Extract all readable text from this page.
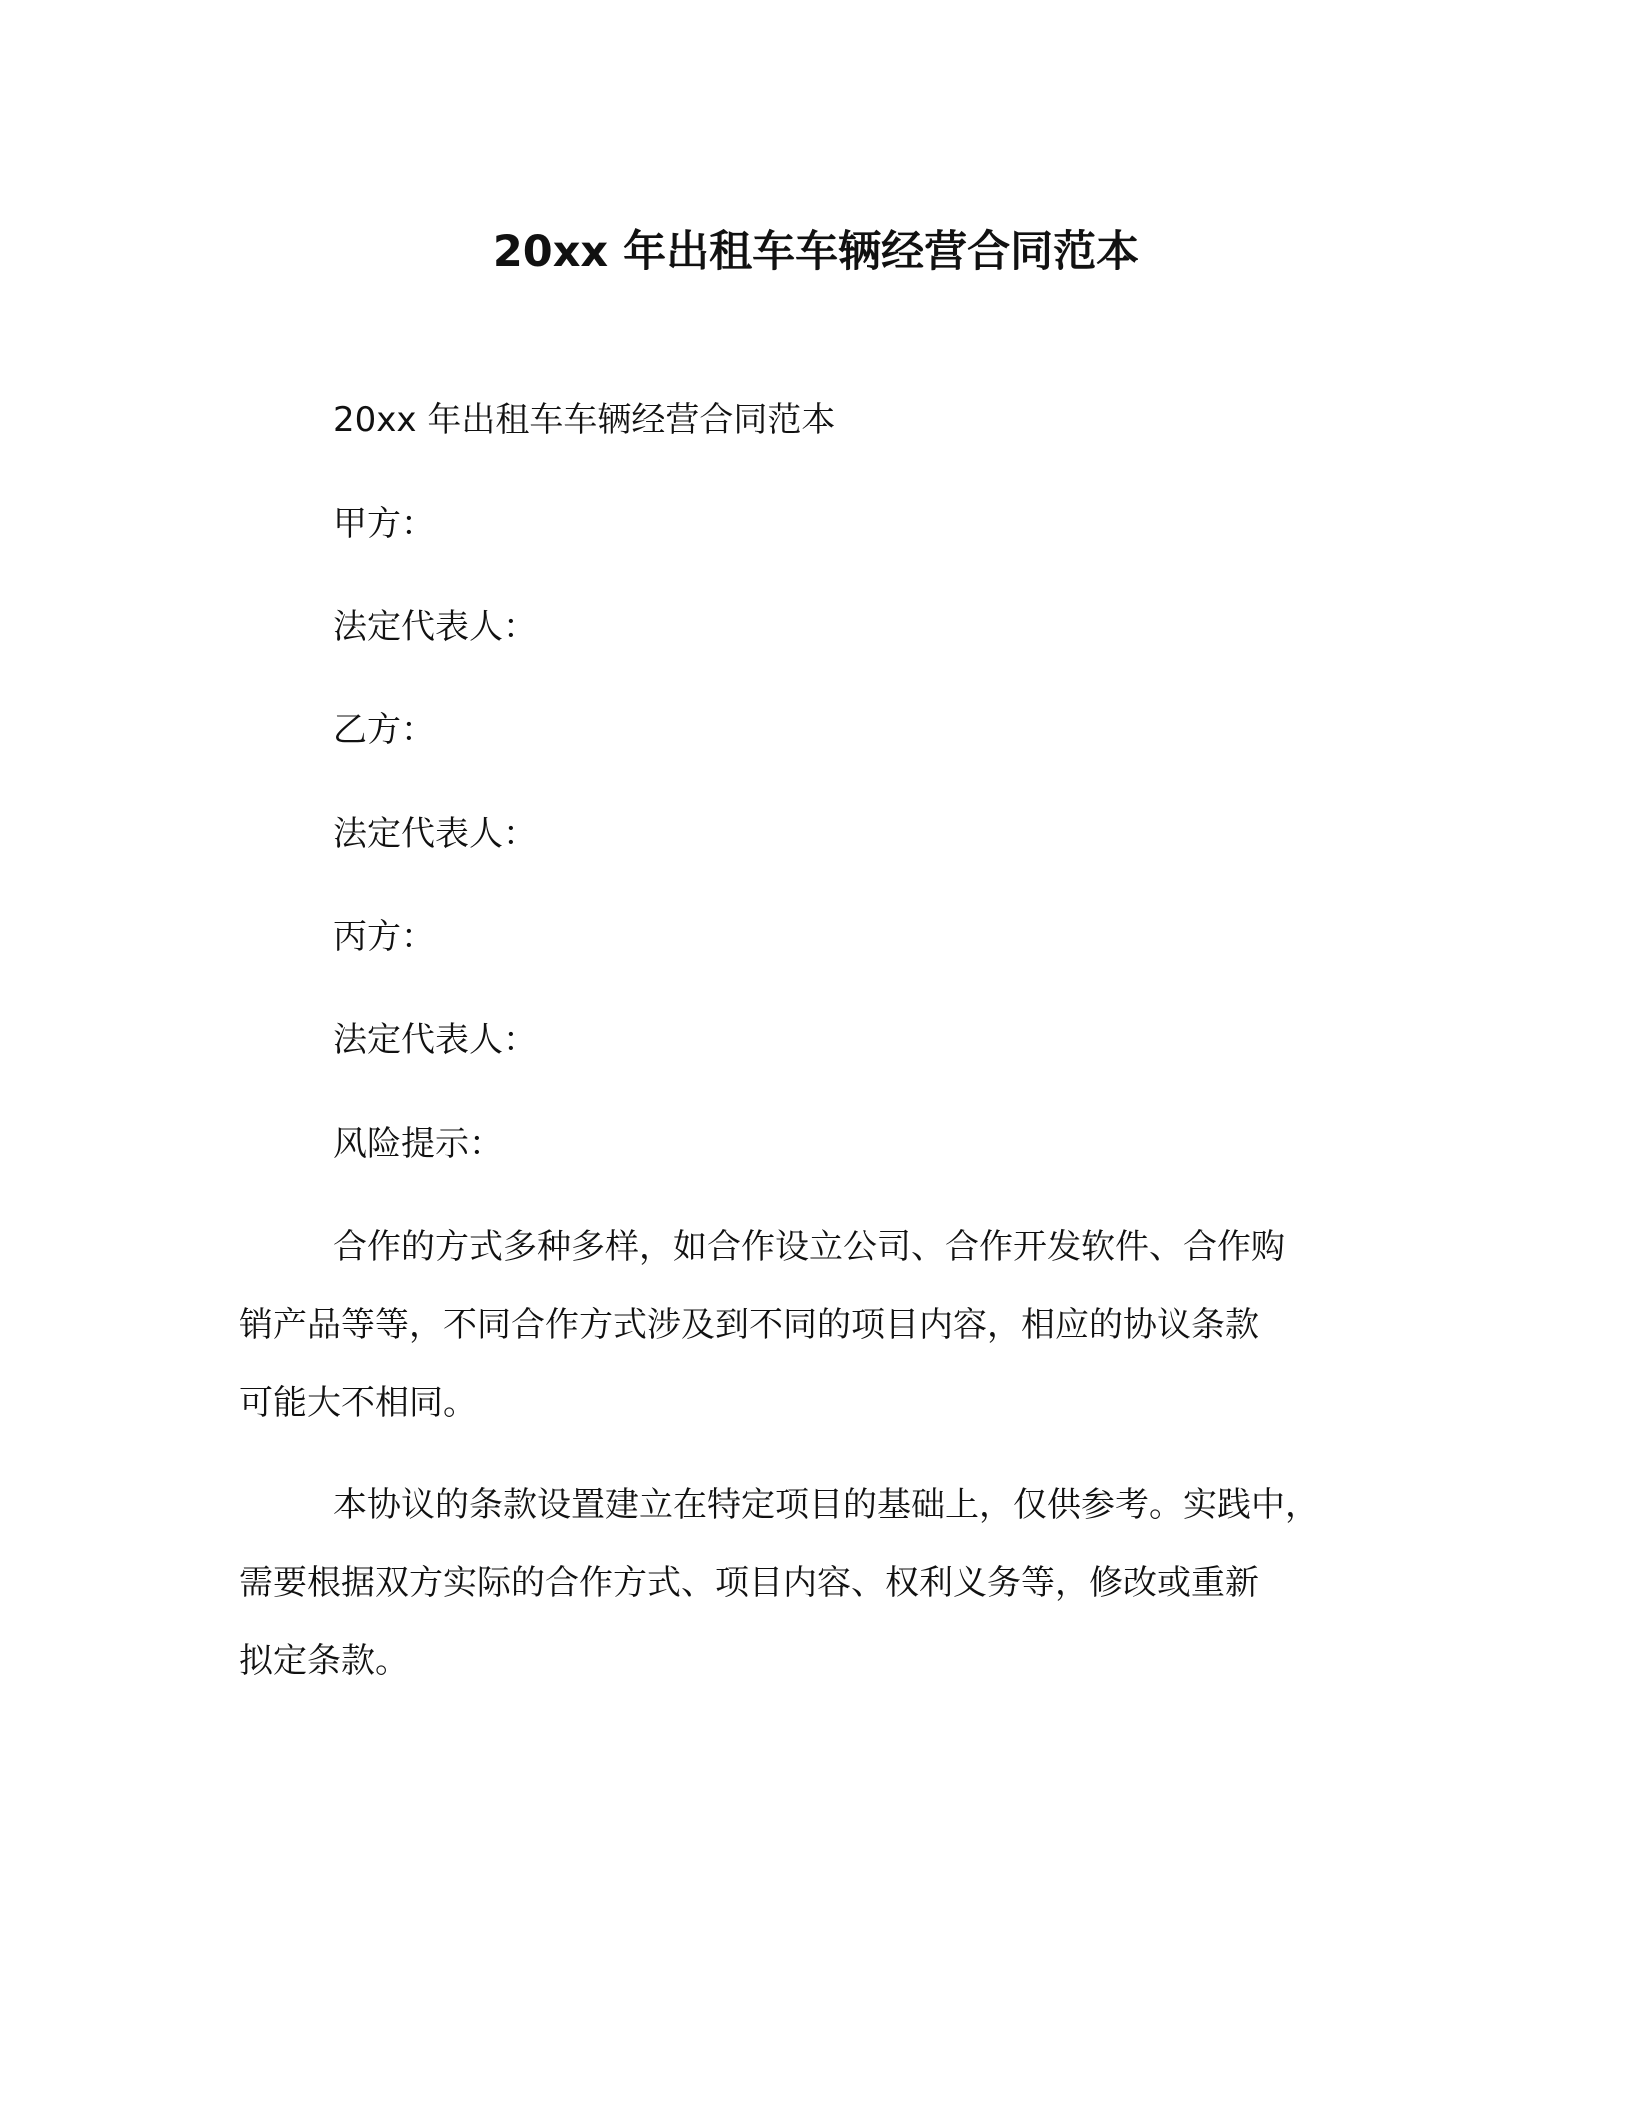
20xx 年出租车车辆经营合同范本
20xx 年出租车车辆经营合同范本
甲方：
法定代表人：
乙方：
法定代表人：
丙方：
法定代表人：
风险提示：
合作的方式多种多样，如合作设立公司、合作开发软件、合作购
销产品等等，不同合作方式涉及到不同的项目内容，相应的协议条款
可能大不相同。
本协议的条款设置建立在特定项目的基础上，仅供参考。实践中，
需要根据双方实际的合作方式、项目内容、权利义务等，修改或重新
拟定条款。
